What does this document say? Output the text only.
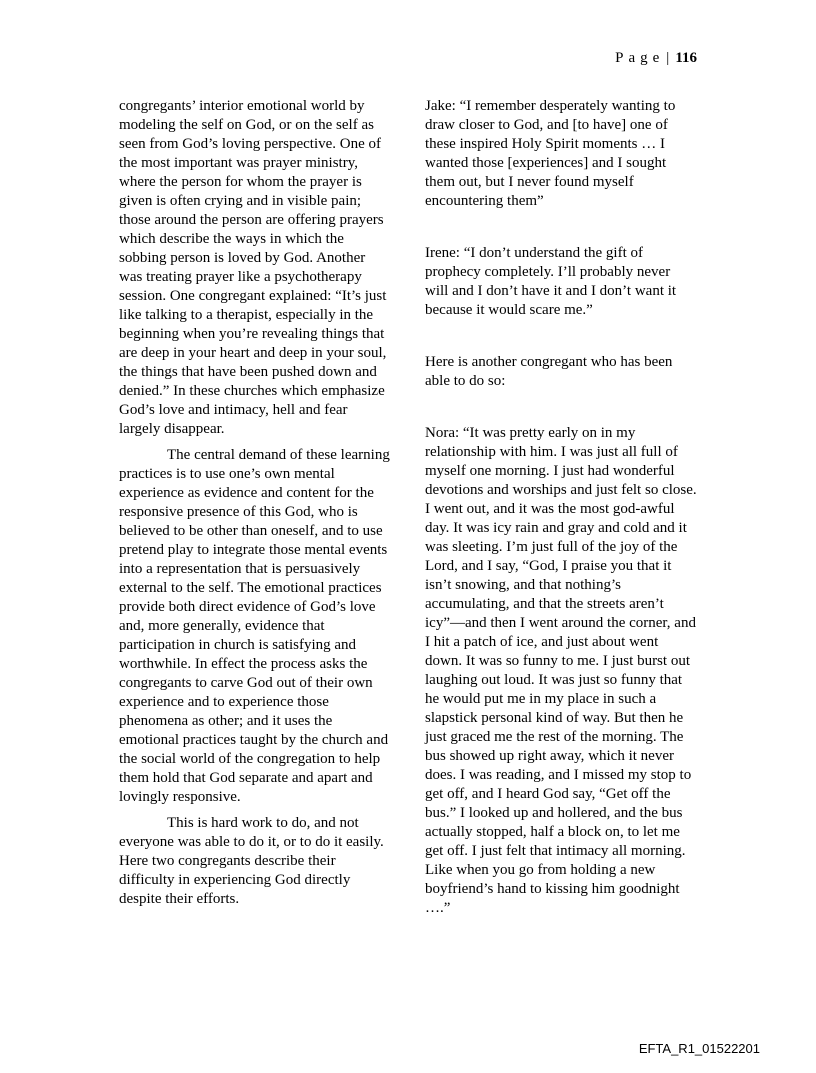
Page | 116

congregants’ interior emotional world by modeling the self on God, or on the self as seen from God’s loving perspective. One of the most important was prayer ministry, where the person for whom the prayer is given is often crying and in visible pain; those around the person are offering prayers which describe the ways in which the sobbing person is loved by God. Another was treating prayer like a psychotherapy session. One congregant explained: “It’s just like talking to a therapist, especially in the beginning when you’re revealing things that are deep in your heart and deep in your soul, the things that have been pushed down and denied.” In these churches which emphasize God’s love and intimacy, hell and fear largely disappear.

The central demand of these learning practices is to use one’s own mental experience as evidence and content for the responsive presence of this God, who is believed to be other than oneself, and to use pretend play to integrate those mental events into a representation that is persuasively external to the self. The emotional practices provide both direct evidence of God’s love and, more generally, evidence that participation in church is satisfying and worthwhile. In effect the process asks the congregants to carve God out of their own experience and to experience those phenomena as other; and it uses the emotional practices taught by the church and the social world of the congregation to help them hold that God separate and apart and lovingly responsive.

This is hard work to do, and not everyone was able to do it, or to do it easily. Here two congregants describe their difficulty in experiencing God directly despite their efforts.

Jake: “I remember desperately wanting to draw closer to God, and [to have] one of these inspired Holy Spirit moments … I wanted those [experiences] and I sought them out, but I never found myself encountering them”

Irene: “I don’t understand the gift of prophecy completely. I’ll probably never will and I don’t have it and I don’t want it because it would scare me.”

Here is another congregant who has been able to do so:

Nora: “It was pretty early on in my relationship with him. I was just all full of myself one morning. I just had wonderful devotions and worships and just felt so close. I went out, and it was the most god-awful day. It was icy rain and gray and cold and it was sleeting. I’m just full of the joy of the Lord, and I say, “God, I praise you that it isn’t snowing, and that nothing’s accumulating, and that the streets aren’t icy”—and then I went around the corner, and I hit a patch of ice, and just about went down. It was so funny to me. I just burst out laughing out loud. It was just so funny that he would put me in my place in such a slapstick personal kind of way. But then he just graced me the rest of the morning. The bus showed up right away, which it never does. I was reading, and I missed my stop to get off, and I heard God say, “Get off the bus.” I looked up and hollered, and the bus actually stopped, half a block on, to let me get off. I just felt that intimacy all morning. Like when you go from holding a new boyfriend’s hand to kissing him goodnight ….”

EFTA_R1_01522201
